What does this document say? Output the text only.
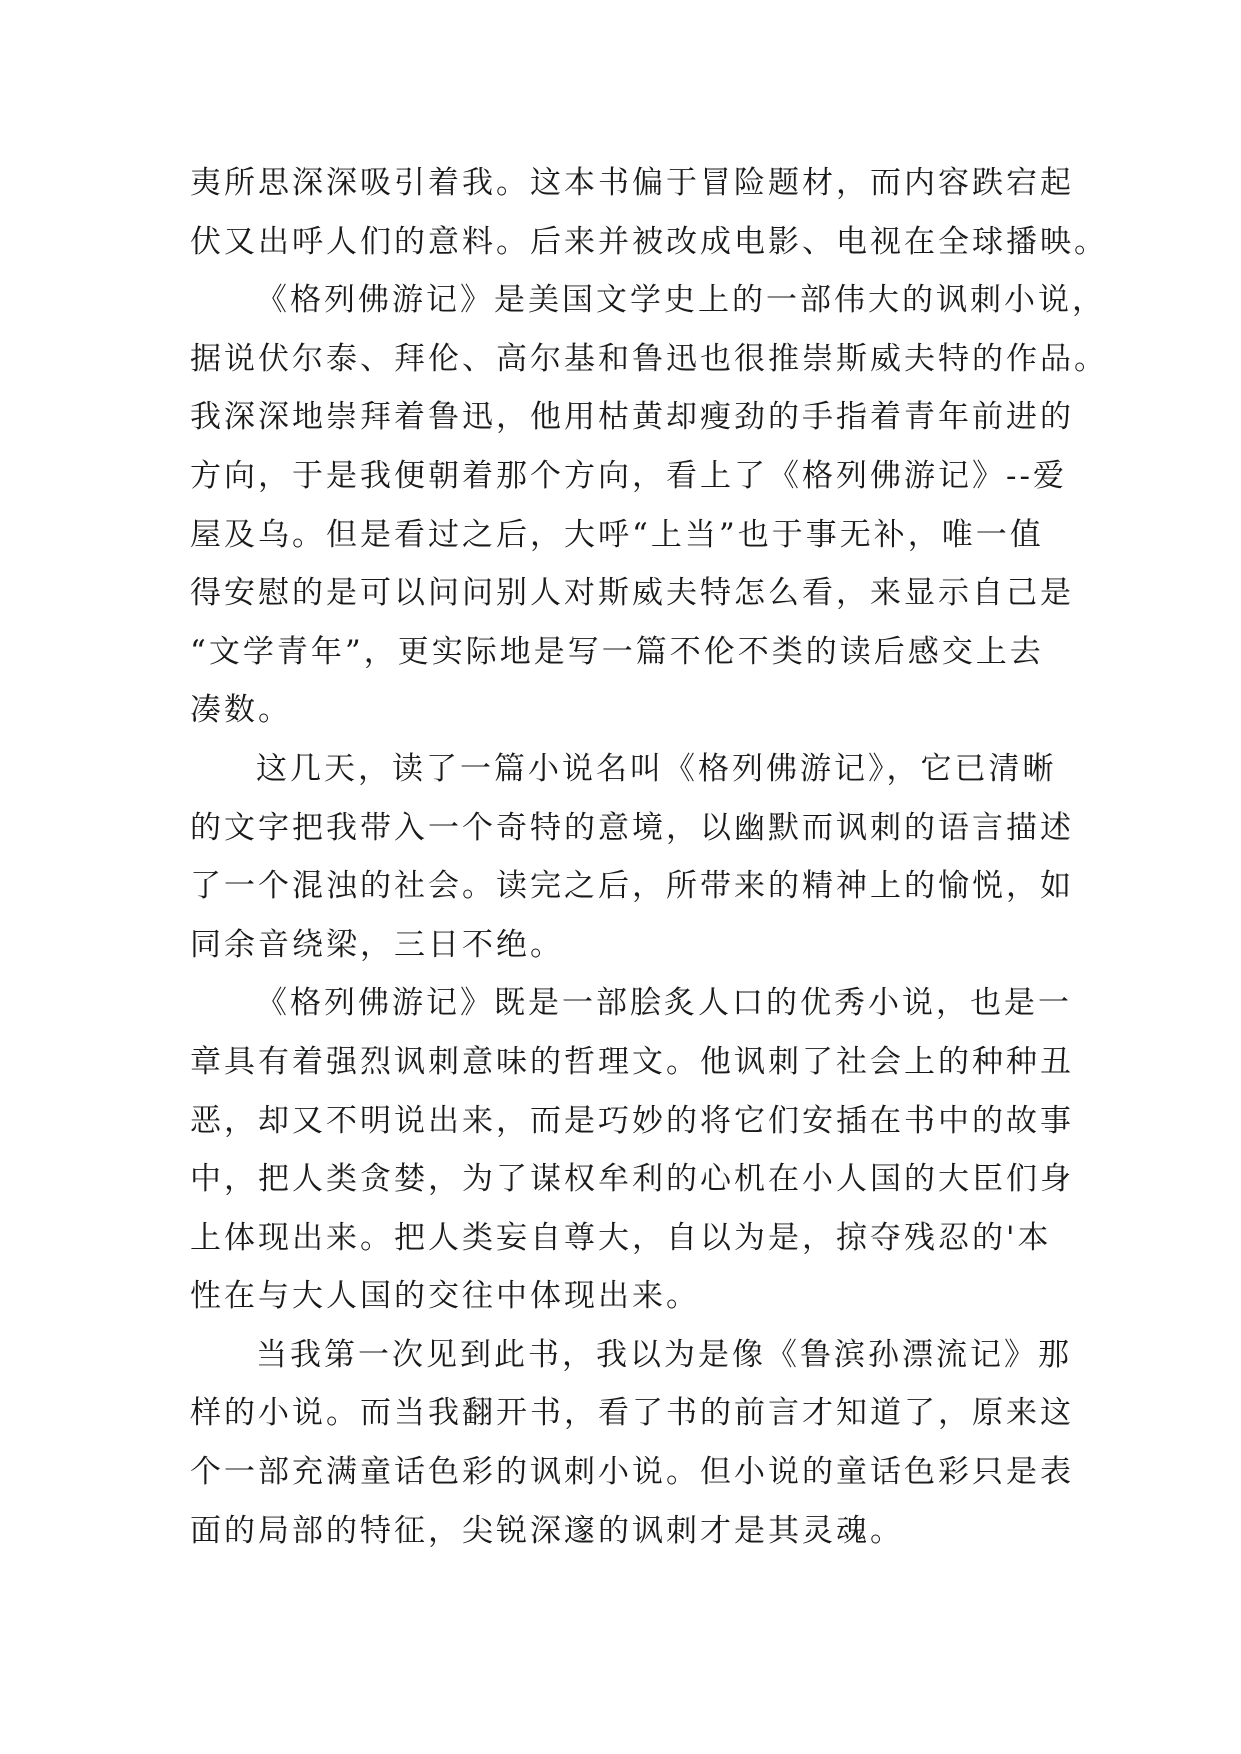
夷所思深深吸引着我。这本书偏于冒险题材，而内容跌宕起
伏又出呼人们的意料。后来并被改成电影、电视在全球播映。
《格列佛游记》是美国文学史上的一部伟大的讽刺小说，
据说伏尔泰、拜伦、高尔基和鲁迅也很推崇斯威夫特的作品。
我深深地崇拜着鲁迅，他用枯黄却瘦劲的手指着青年前进的
方向，于是我便朝着那个方向，看上了《格列佛游记》--爱
屋及乌。但是看过之后，大呼“上当”也于事无补，唯一值
得安慰的是可以问问别人对斯威夫特怎么看，来显示自己是
“文学青年”，更实际地是写一篇不伦不类的读后感交上去
凑数。
这几天，读了一篇小说名叫《格列佛游记》，它已清晰
的文字把我带入一个奇特的意境，以幽默而讽刺的语言描述
了一个混浊的社会。读完之后，所带来的精神上的愉悦，如
同余音绕梁，三日不绝。
《格列佛游记》既是一部脍炙人口的优秀小说，也是一
章具有着强烈讽刺意味的哲理文。他讽刺了社会上的种种丑
恶，却又不明说出来，而是巧妙的将它们安插在书中的故事
中，把人类贪婪，为了谋权牟利的心机在小人国的大臣们身
上体现出来。把人类妄自尊大，自以为是，掠夺残忍的'本
性在与大人国的交往中体现出来。
当我第一次见到此书，我以为是像《鲁滨孙漂流记》那
样的小说。而当我翻开书，看了书的前言才知道了，原来这
个一部充满童话色彩的讽刺小说。但小说的童话色彩只是表
面的局部的特征，尖锐深邃的讽刺才是其灵魂。
